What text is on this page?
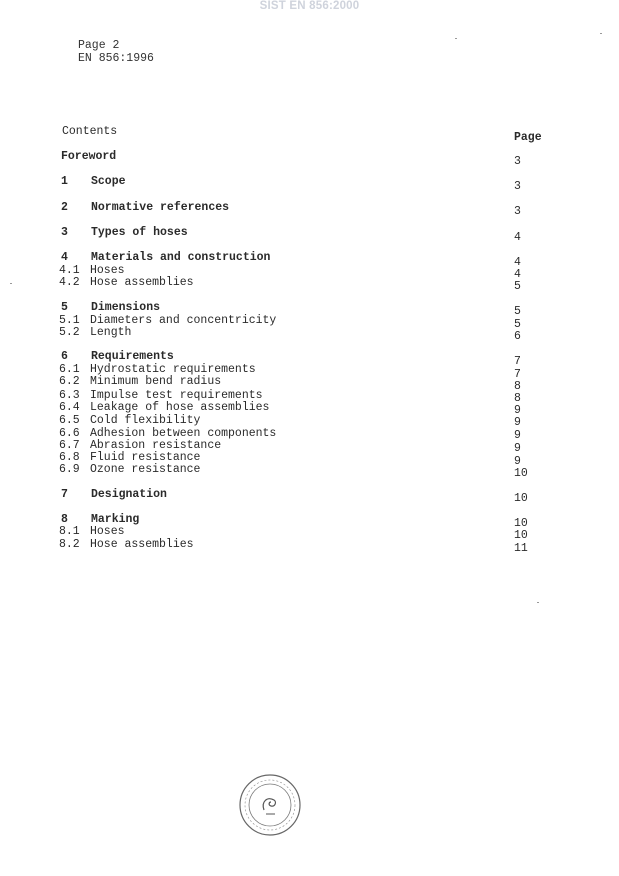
SIST EN 856:2000
Page 2
EN 856:1996
Contents	Page
Foreword	3
1 Scope	3
2 Normative references	3
3 Types of hoses	4
4 Materials and construction	4
4.1 Hoses	4
4.2 Hose assemblies	5
5 Dimensions	5
5.1 Diameters and concentricity	5
5.2 Length	6
6 Requirements	7
6.1 Hydrostatic requirements	7
6.2 Minimum bend radius	8
6.3 Impulse test requirements	8
6.4 Leakage of hose assemblies	9
6.5 Cold flexibility	9
6.6 Adhesion between components	9
6.7 Abrasion resistance	9
6.8 Fluid resistance	9
6.9 Ozone resistance	10
7 Designation	10
8 Marking	10
8.1 Hoses	10
8.2 Hose assemblies	11
